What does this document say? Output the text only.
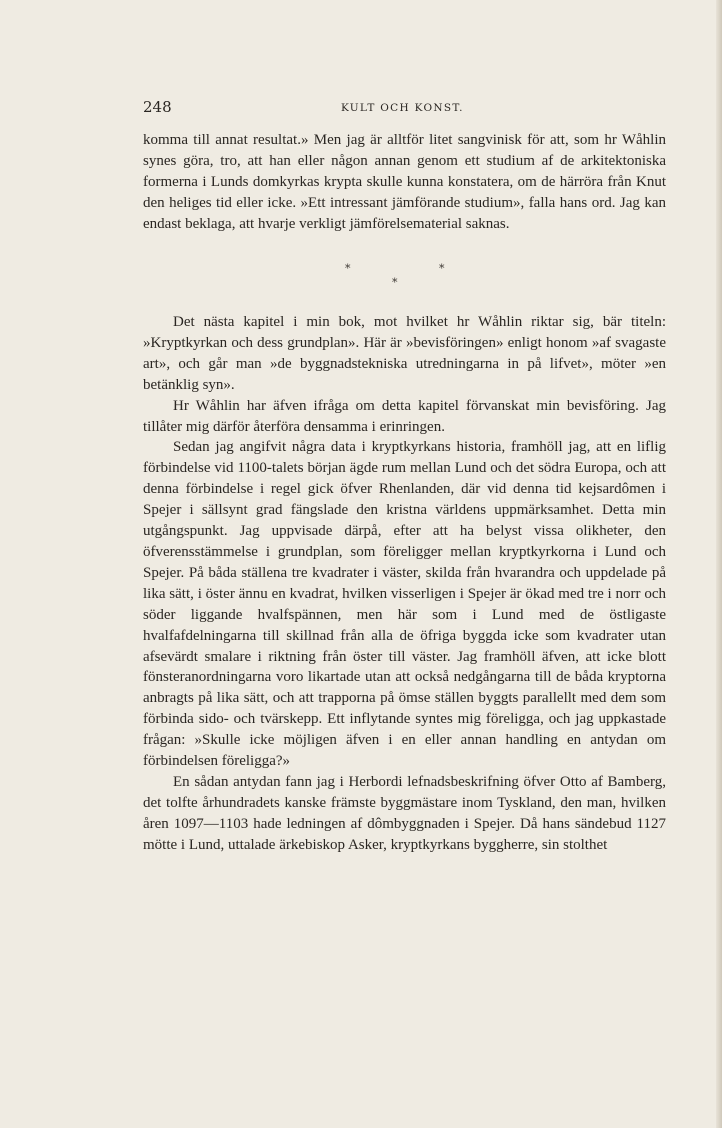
248	KULT OCH KONST.

komma till annat resultat.» Men jag är alltför litet sangvinisk för att, som hr Wåhlin synes göra, tro, att han eller någon annan genom ett studium af de arkitektoniska formerna i Lunds domkyrkas krypta skulle kunna konstatera, om de härröra från Knut den heliges tid eller icke. »Ett intressant jämförande studium», falla hans ord. Jag kan endast beklaga, att hvarje verkligt jämförelsematerial saknas.

*	*
*

Det nästa kapitel i min bok, mot hvilket hr Wåhlin riktar sig, bär titeln: »Kryptkyrkan och dess grundplan». Här är »bevisföringen» enligt honom »af svagaste art», och går man »de byggnadstekniska utredningarna in på lifvet», möter »en betänklig syn».

Hr Wåhlin har äfven ifråga om detta kapitel förvanskat min bevisföring. Jag tillåter mig därför återföra densamma i erinringen.

Sedan jag angifvit några data i kryptkyrkans historia, framhöll jag, att en liflig förbindelse vid 1100-talets början ägde rum mellan Lund och det södra Europa, och att denna förbindelse i regel gick öfver Rhenlanden, där vid denna tid kejsardômen i Spejer i sällsynt grad fängslade den kristna världens uppmärksamhet. Detta min utgångspunkt. Jag uppvisade därpå, efter att ha belyst vissa olikheter, den öfverensstämmelse i grundplan, som föreligger mellan kryptkyrkorna i Lund och Spejer. På båda ställena tre kvadrater i väster, skilda från hvarandra och uppdelade på lika sätt, i öster ännu en kvadrat, hvilken visserligen i Spejer är ökad med tre i norr och söder liggande hvalfspännen, men här som i Lund med de östligaste hvalfafdelningarna till skillnad från alla de öfriga byggda icke som kvadrater utan afsevärdt smalare i riktning från öster till väster. Jag framhöll äfven, att icke blott fönsteranordningarna voro likartade utan att också nedgångarna till de båda kryptorna anbragts på lika sätt, och att trapporna på ömse ställen byggts parallellt med dem som förbinda sido- och tvärskepp. Ett inflytande syntes mig föreligga, och jag uppkastade frågan: »Skulle icke möjligen äfven i en eller annan handling en antydan om förbindelsen föreligga?»

En sådan antydan fann jag i Herbordi lefnadsbeskrifning öfver Otto af Bamberg, det tolfte århundradets kanske främste byggmästare inom Tyskland, den man, hvilken åren 1097—1103 hade ledningen af dômbyggnaden i Spejer. Då hans sändebud 1127 mötte i Lund, uttalade ärkebiskop Asker, kryptkyrkans byggherre, sin stolthet
